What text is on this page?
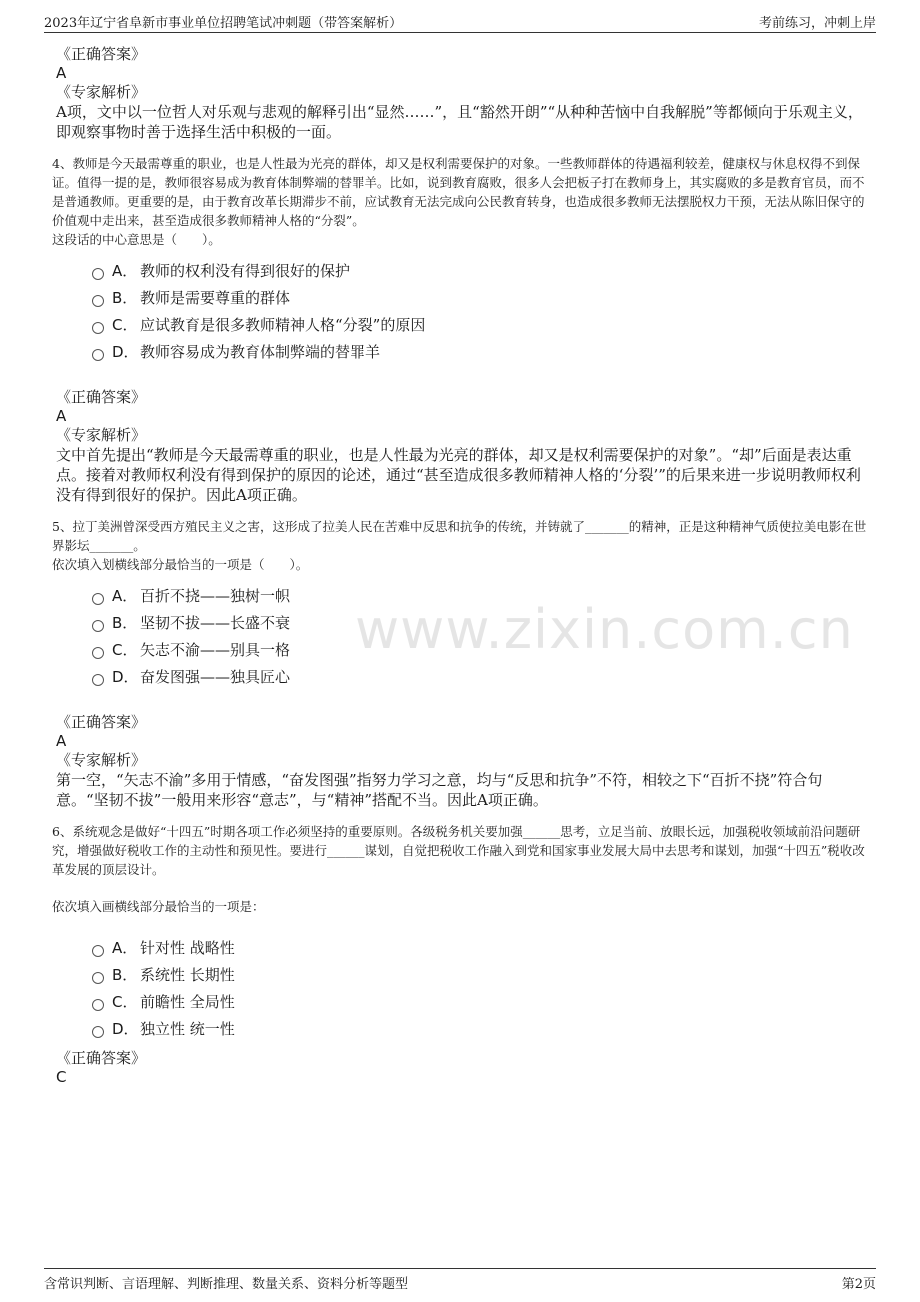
2023年辽宁省阜新市事业单位招聘笔试冲刺题（带答案解析）	考前练习，冲刺上岸
www.zixin.com.cn
《正确答案》
A
《专家解析》
A项，文中以一位哲人对乐观与悲观的解释引出“显然……”，且“豁然开朗”“从种种苦恼中自我解脱”等都倾向于乐观主义，即观察事物时善于选择生活中积极的一面。
4、教师是今天最需尊重的职业，也是人性最为光亮的群体，却又是权利需要保护的对象。一些教师群体的待遇福利较差，健康权与休息权得不到保证。值得一提的是，教师很容易成为教育体制弊端的替罪羊。比如，说到教育腐败，很多人会把板子打在教师身上，其实腐败的多是教育官员，而不是普通教师。更重要的是，由于教育改革长期滞步不前，应试教育无法完成向公民教育转身，也造成很多教师无法摆脱权力干预，无法从陈旧保守的价值观中走出来，甚至造成很多教师精神人格的“分裂”。
这段话的中心意思是（　　）。
A． 教师的权利没有得到很好的保护
B． 教师是需要尊重的群体
C． 应试教育是很多教师精神人格“分裂”的原因
D． 教师容易成为教育体制弊端的替罪羊
《正确答案》
A
《专家解析》
文中首先提出“教师是今天最需尊重的职业，也是人性最为光亮的群体，却又是权利需要保护的对象”。“却”后面是表达重点。接着对教师权利没有得到保护的原因的论述，通过“甚至造成很多教师精神人格的‘分裂’”的后果来进一步说明教师权利没有得到很好的保护。因此A项正确。
5、拉丁美洲曾深受西方殖民主义之害，这形成了拉美人民在苦难中反思和抗争的传统，并铸就了_______的精神，正是这种精神气质使拉美电影在世界影坛_______。
依次填入划横线部分最恰当的一项是（　　）。
A． 百折不挠——独树一帜
B． 坚韧不拔——长盛不衰
C． 矢志不渝——别具一格
D． 奋发图强——独具匠心
《正确答案》
A
《专家解析》
第一空，“矢志不渝”多用于情感，“奋发图强”指努力学习之意，均与“反思和抗争”不符，相较之下“百折不挠”符合句意。“坚韧不拔”一般用来形容“意志”，与“精神”搭配不当。因此A项正确。
6、系统观念是做好“十四五”时期各项工作必须坚持的重要原则。各级税务机关要加强______思考，立足当前、放眼长远，加强税收领域前沿问题研究，增强做好税收工作的主动性和预见性。要进行______谋划，自觉把税收工作融入到党和国家事业发展大局中去思考和谋划，加强“十四五”税收改革发展的顶层设计。
依次填入画横线部分最恰当的一项是：
A． 针对性 战略性
B． 系统性 长期性
C． 前瞻性 全局性
D． 独立性 统一性
《正确答案》
C
含常识判断、言语理解、判断推理、数量关系、资料分析等题型	第2页
